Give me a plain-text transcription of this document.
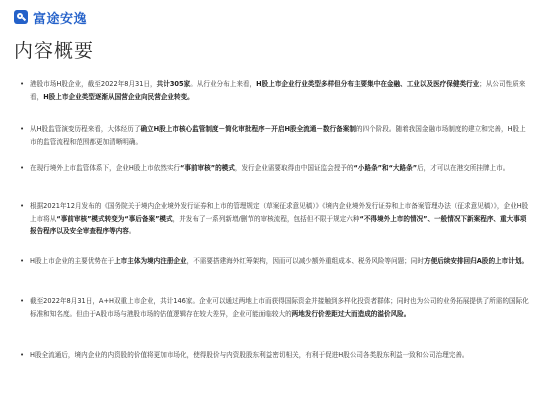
富途安逸
内容概要
• 港股市场H股企业，截至2022年8月31日，共计305家。从行业分布上来看，H股上市企业行业类型多样但分布主要集中在金融、工业以及医疗保健类行业；从公司性质来看，H股上市企业类型逐渐从国营企业向民营企业转变。
• 从H股监管演变历程来看，大体经历了确立H股上市核心监管制度－简化审批程序－开启H股全流通－数行备案制的四个阶段。随着我国金融市场制度的建立和完善，H股上市的监管流程和范围都更加清晰明确。
• 在现行境外上市监管体系下，企业H股上市依然实行“事前审核”的模式，发行企业需要取得由中国证监会授予的“小路条”和“大路条”后，才可以在港交所挂牌上市。
• 根据2021年12月发布的《国务院关于境内企业境外发行证券和上市的管理规定（草案征求意见稿）》《境内企业境外发行证券和上市备案管理办法（征求意见稿）》，企业H股上市将从“事前审核”模式转变为“事后备案”模式，并发布了一系列新增/删节的审核流程，包括但不限于规定六种“不得境外上市的情况”、一般情况下新案程序、重大事项报告程序以及安全审查程序等内容。
• H股上市企业的主要优势在于上市主体为境内注册企业，不需要搭建海外红筹架构，因而可以减少额外重组成本、税务风险等问题；同时方便后续安排回归A股的上市计划。
• 截至2022年8月31日，A+H双重上市企业，共计146家。企业可以通过两地上市而获得国际资金并接触到多样化投资者群体；同时也为公司的业务拓展提供了所需的国际化标准和知名度。但由于A股市场与港股市场的估值逻辑存在较大差异，企业可能面临较大的两地发行价差距过大而造成的溢价风险。
• H股全流通后，境内企业的内资股的价值将更加市场化，使得股价与内资股股东利益密切相关，有利于促进H股公司各类股东利益一致和公司治理完善。
